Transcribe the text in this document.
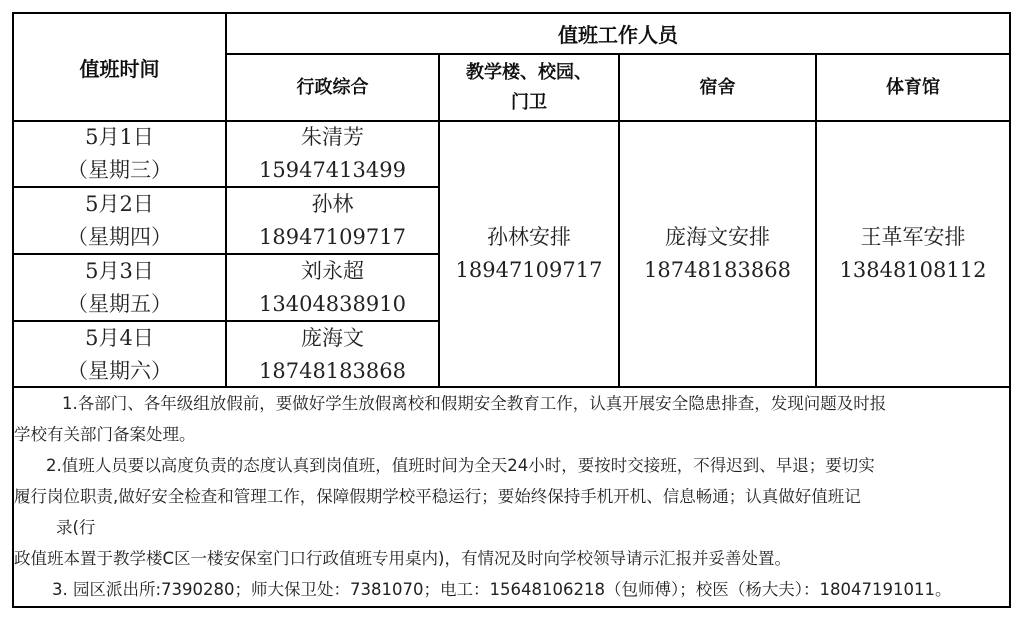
值班时间
值班工作人员
行政综合
教学楼、校园、
门卫
宿舍	体育馆
5月1日
（星期三）
朱清芳
15947413499
5月2日
（星期四）
孙林
18947109717
5月3日
（星期五）
刘永超
13404838910
5月4日
（星期六）
庞海文
18748183868
孙林安排
18947109717
庞海文安排
18748183868
王革军安排
13848108112

1.各部门、各年级组放假前，要做好学生放假离校和假期安全教育工作，认真开展安全隐患排查，发现问题及时报

学校有关部门备案处理。

2.值班人员要以高度负责的态度认真到岗值班，值班时间为全天24小时，要按时交接班，不得迟到、早退；要切实

履行岗位职责,做好安全检查和管理工作，保障假期学校平稳运行；要始终保持手机开机、信息畅通；认真做好值班记

录(行

政值班本置于教学楼C区一楼安保室门口行政值班专用桌内)，有情况及时向学校领导请示汇报并妥善处置。

3. 园区派出所:7390280；师大保卫处：7381070；电工：15648106218（包师傅）；校医（杨大夫）：18047191011。
